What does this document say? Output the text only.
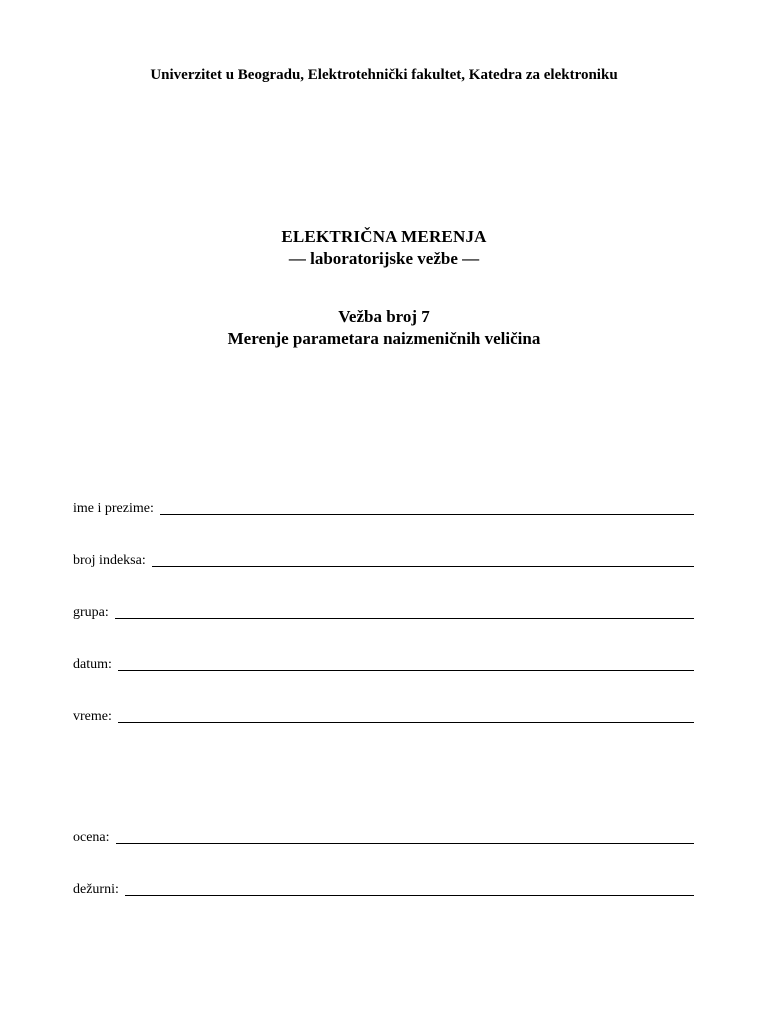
Univerzitet u Beogradu, Elektrotehnički fakultet, Katedra za elektroniku
ELEKTRIČNA MERENJA
— laboratorijske vežbe —
Vežba broj 7
Merenje parametara naizmeničnih veličina
ime i prezime:
broj indeksa:
grupa:
datum:
vreme:
ocena:
dežurni:
